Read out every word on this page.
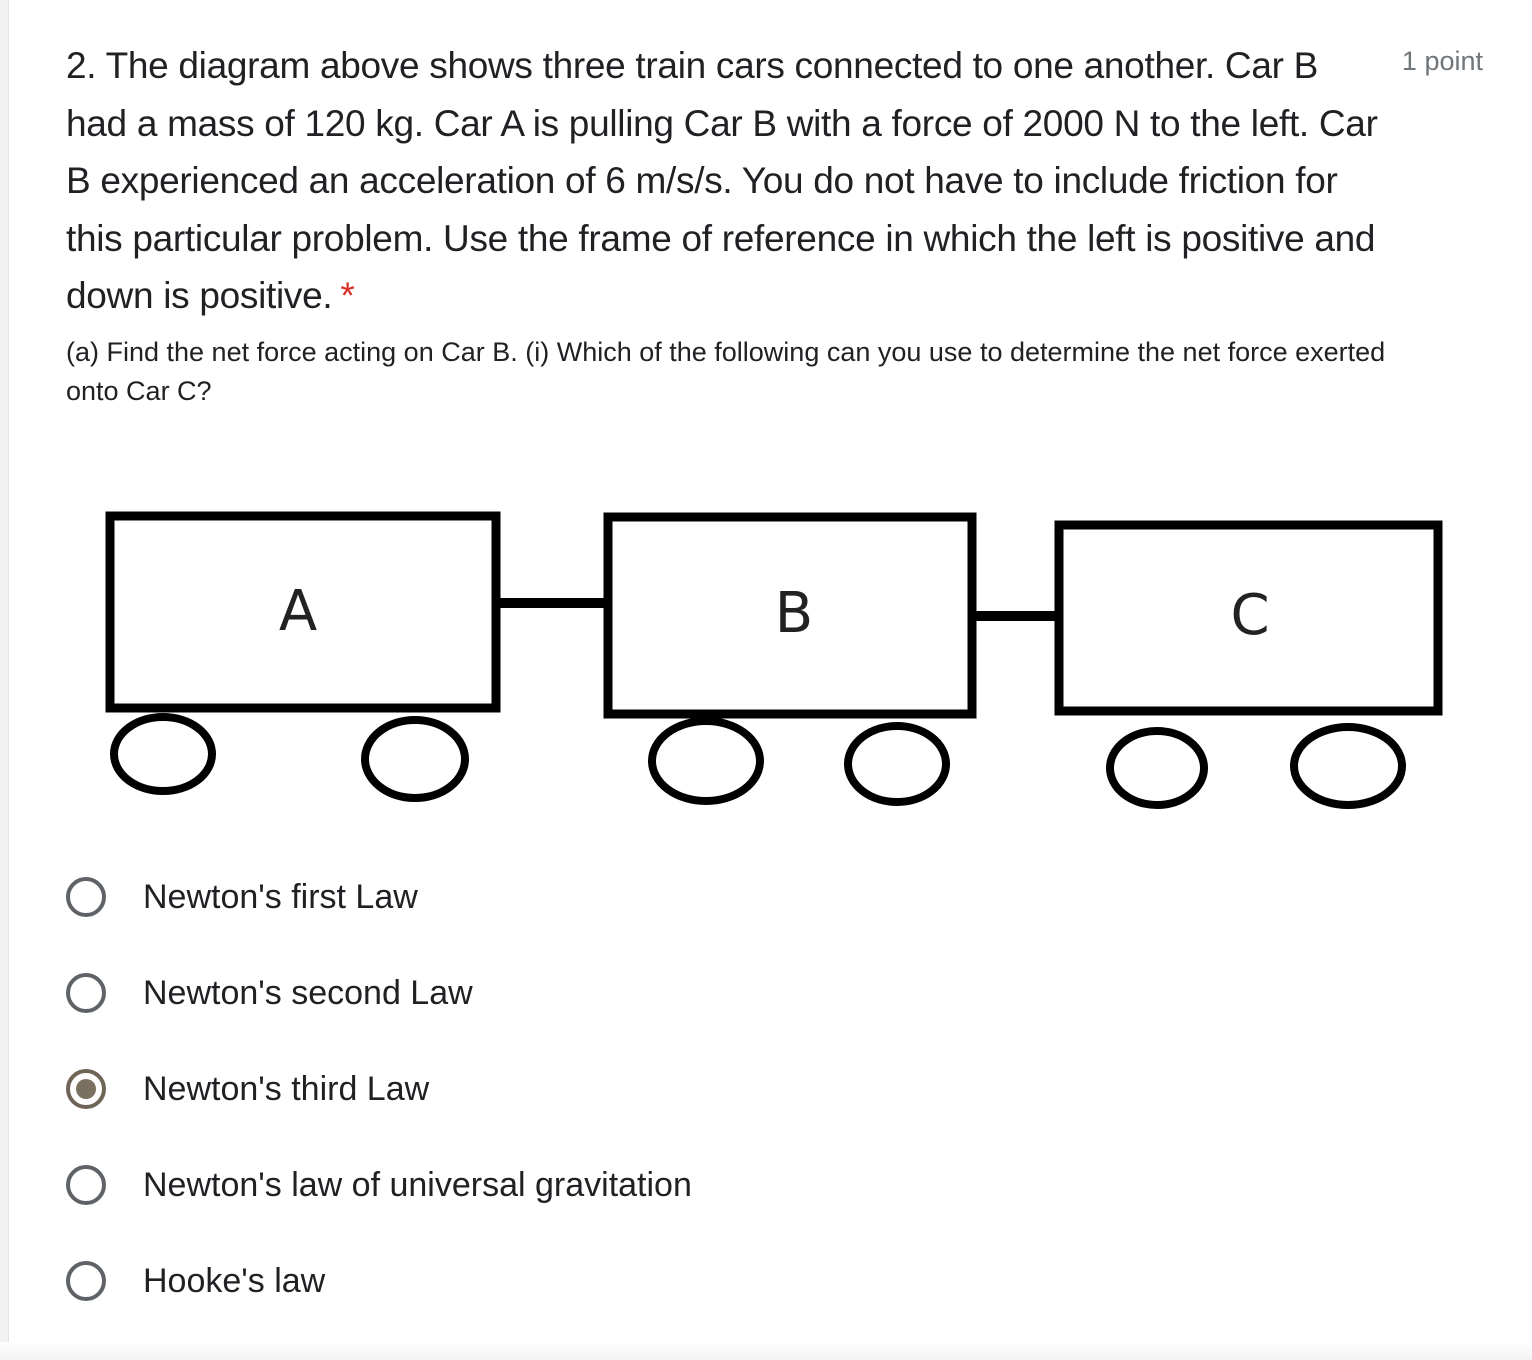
2. The diagram above shows three train cars connected to one another. Car B had a mass of 120 kg. Car A is pulling Car B with a force of 2000 N to the left. Car B experienced an acceleration of 6 m/s/s. You do not have to include friction for this particular problem. Use the frame of reference in which the left is positive and down is positive. *
1 point

(a) Find the net force acting on Car B. (i) Which of the following can you use to determine the net force exerted onto Car C?

A	B	C
Newton's first Law
Newton's second Law
Newton's third Law
Newton's law of universal gravitation
Hooke's law
